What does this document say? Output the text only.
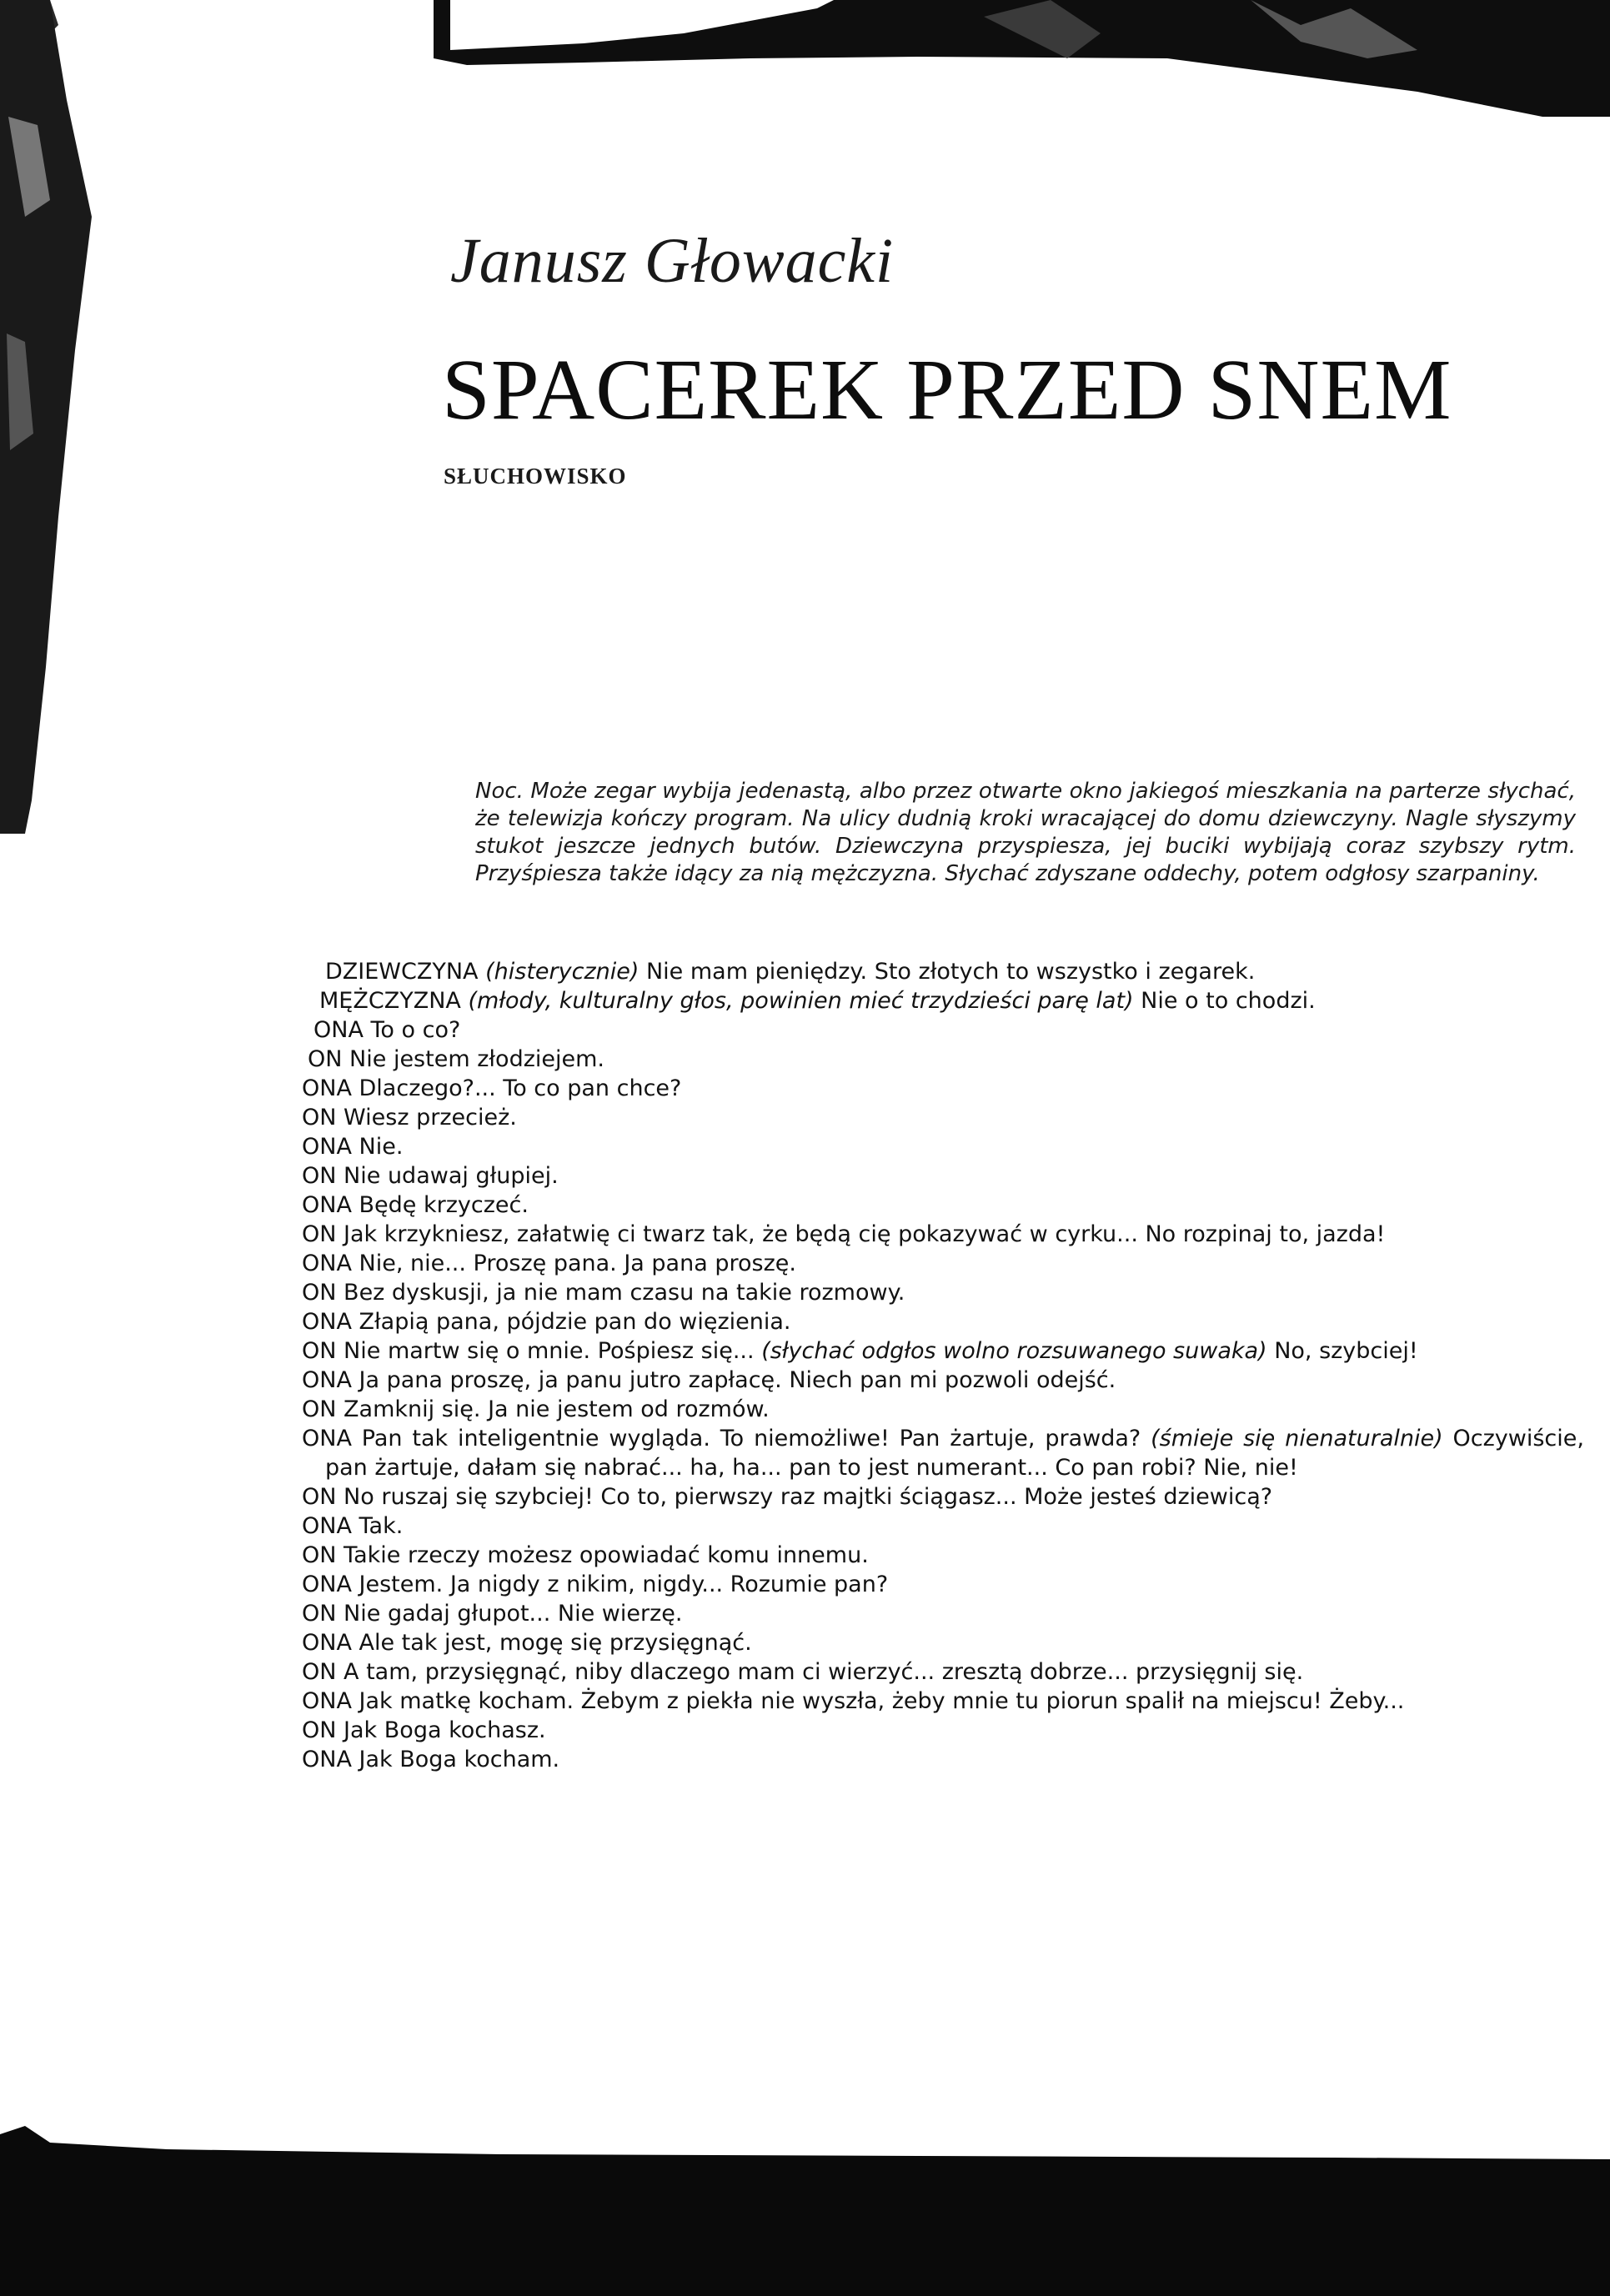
Janusz Głowacki
SPACEREK PRZED SNEM
SŁUCHOWISKO

Noc. Może zegar wybija jedenastą, albo przez otwarte okno jakiegoś mieszkania na parterze słychać, że telewizja kończy program. Na ulicy dudnią kroki wracającej do domu dziewczyny. Nagle słyszymy stukot jeszcze jednych butów. Dziewczyna przyspiesza, jej buciki wybijają coraz szybszy rytm. Przyśpiesza także idący za nią mężczyzna. Słychać zdyszane oddechy, potem odgłosy szarpaniny.

DZIEWCZYNA (histerycznie) Nie mam pieniędzy. Sto złotych to wszystko i zegarek.

MĘŻCZYZNA (młody, kulturalny głos, powinien mieć trzydzieści parę lat) Nie o to chodzi.

ONA To o co?

ON Nie jestem złodziejem.

ONA Dlaczego?... To co pan chce?

ON Wiesz przecież.

ONA Nie.

ON Nie udawaj głupiej.

ONA Będę krzyczeć.

ON Jak krzykniesz, załatwię ci twarz tak, że będą cię pokazywać w cyrku... No rozpinaj to, jazda!

ONA Nie, nie... Proszę pana. Ja pana proszę.

ON Bez dyskusji, ja nie mam czasu na takie rozmowy.

ONA Złapią pana, pójdzie pan do więzienia.

ON Nie martw się o mnie. Pośpiesz się... (słychać odgłos wolno rozsuwanego suwaka) No, szybciej!

ONA Ja pana proszę, ja panu jutro zapłacę. Niech pan mi pozwoli odejść.

ON Zamknij się. Ja nie jestem od rozmów.

ONA Pan tak inteligentnie wygląda. To niemożliwe! Pan żartuje, prawda? (śmieje się nienaturalnie) Oczywiście, pan żartuje, dałam się nabrać... ha, ha... pan to jest numerant... Co pan robi? Nie, nie!

ON No ruszaj się szybciej! Co to, pierwszy raz majtki ściągasz... Może jesteś dziewicą?

ONA Tak.

ON Takie rzeczy możesz opowiadać komu innemu.

ONA Jestem. Ja nigdy z nikim, nigdy... Rozumie pan?

ON Nie gadaj głupot... Nie wierzę.

ONA Ale tak jest, mogę się przysięgnąć.

ON A tam, przysięgnąć, niby dlaczego mam ci wierzyć... zresztą dobrze... przysięgnij się.

ONA Jak matkę kocham. Żebym z piekła nie wyszła, żeby mnie tu piorun spalił na miejscu! Żeby...

ON Jak Boga kochasz.

ONA Jak Boga kocham.
